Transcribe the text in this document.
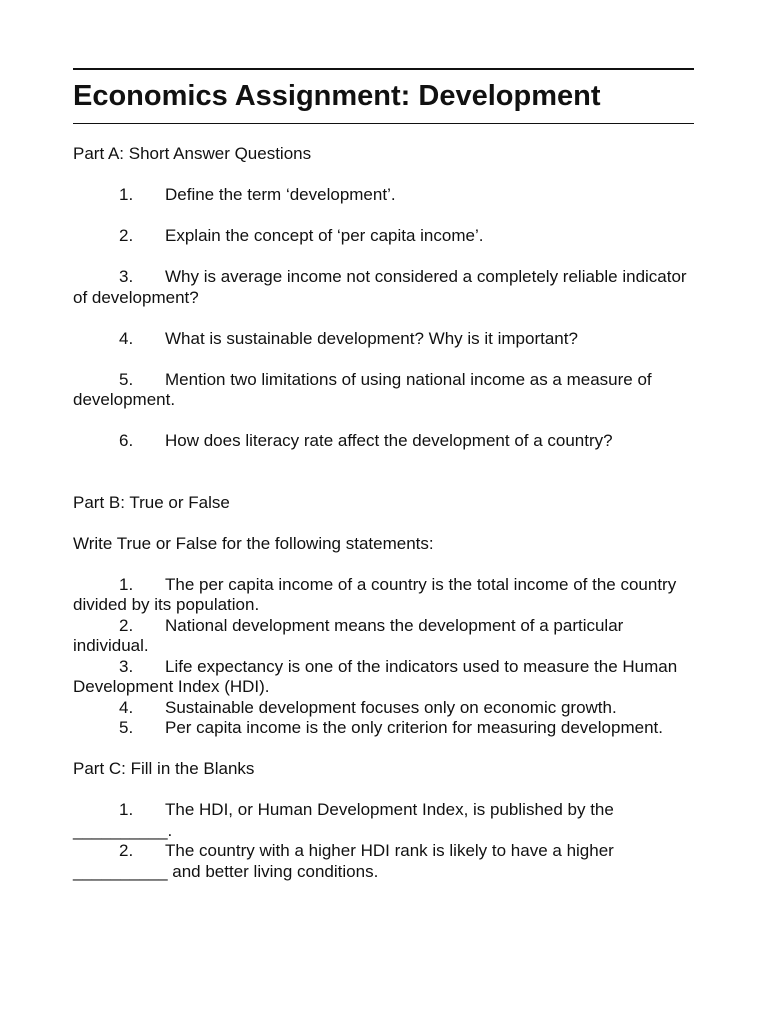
Economics Assignment: Development

Part A: Short Answer Questions

1. Define the term ‘development’.

2. Explain the concept of ‘per capita income’.

3. Why is average income not considered a completely reliable indicator of development?

4. What is sustainable development? Why is it important?

5. Mention two limitations of using national income as a measure of development.

6. How does literacy rate affect the development of a country?

Part B: True or False

Write True or False for the following statements:

1. The per capita income of a country is the total income of the country divided by its population.

2. National development means the development of a particular individual.

3. Life expectancy is one of the indicators used to measure the Human Development Index (HDI).

4. Sustainable development focuses only on economic growth.

5. Per capita income is the only criterion for measuring development.

Part C: Fill in the Blanks

1. The HDI, or Human Development Index, is published by the __________.

2. The country with a higher HDI rank is likely to have a higher __________ and better living conditions.
